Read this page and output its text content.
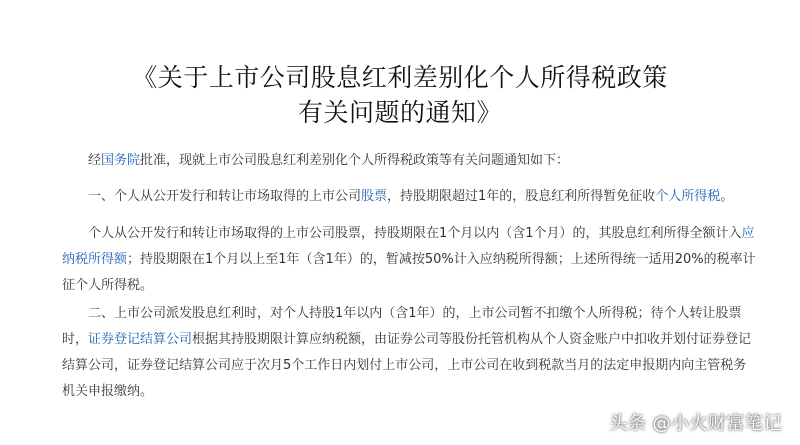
《关于上市公司股息红利差别化个人所得税政策
有关问题的通知》

经国务院批准，现就上市公司股息红利差别化个人所得税政策等有关问题通知如下：

一、个人从公开发行和转让市场取得的上市公司股票，持股期限超过1年的，股息红利所得暂免征收个人所得税。

个人从公开发行和转让市场取得的上市公司股票，持股期限在1个月以内（含1个月）的，其股息红利所得全额计入应纳税所得额；持股期限在1个月以上至1年（含1年）的，暂减按50%计入应纳税所得额；上述所得统一适用20%的税率计征个人所得税。

二、上市公司派发股息红利时，对个人持股1年以内（含1年）的，上市公司暂不扣缴个人所得税；待个人转让股票时，证券登记结算公司根据其持股期限计算应纳税额，由证券公司等股份托管机构从个人资金账户中扣收并划付证券登记结算公司，证券登记结算公司应于次月5个工作日内划付上市公司，上市公司在收到税款当月的法定申报期内向主管税务机关申报缴纳。

头条 @小火财富笔记
